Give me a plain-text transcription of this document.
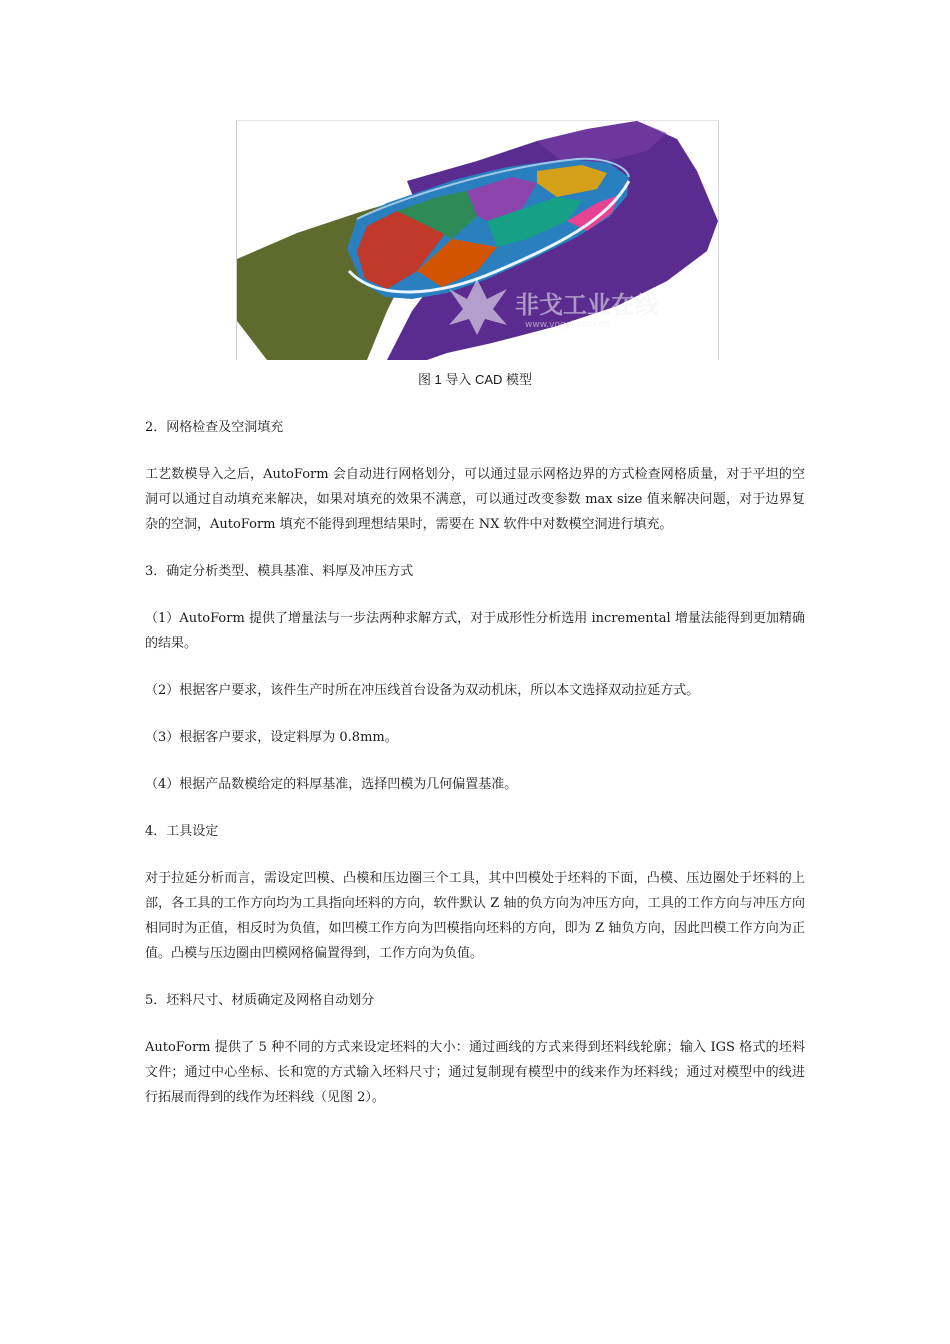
非戈工业在线
www.vogel.com.cn
图 1 导入 CAD 模型

2．网格检查及空洞填充

工艺数模导入之后，AutoForm 会自动进行网格划分，可以通过显示网格边界的方式检查网格质量，对于平坦的空洞可以通过自动填充来解决，如果对填充的效果不满意，可以通过改变参数 max size 值来解决问题，对于边界复杂的空洞，AutoForm 填充不能得到理想结果时，需要在 NX 软件中对数模空洞进行填充。

3．确定分析类型、模具基准、料厚及冲压方式

（1）AutoForm 提供了增量法与一步法两种求解方式，对于成形性分析选用 incremental 增量法能得到更加精确的结果。

（2）根据客户要求，该件生产时所在冲压线首台设备为双动机床，所以本文选择双动拉延方式。

（3）根据客户要求，设定料厚为 0.8mm。

（4）根据产品数模给定的料厚基准，选择凹模为几何偏置基准。

4．工具设定

对于拉延分析而言，需设定凹模、凸模和压边圈三个工具，其中凹模处于坯料的下面，凸模、压边圈处于坯料的上部，各工具的工作方向均为工具指向坯料的方向，软件默认 Z 轴的负方向为冲压方向，工具的工作方向与冲压方向相同时为正值，相反时为负值，如凹模工作方向为凹模指向坯料的方向，即为 Z 轴负方向，因此凹模工作方向为正值。凸模与压边圈由凹模网格偏置得到，工作方向为负值。

5．坯料尺寸、材质确定及网格自动划分

AutoForm 提供了 5 种不同的方式来设定坯料的大小：通过画线的方式来得到坯料线轮廓；输入 IGS 格式的坯料文件；通过中心坐标、长和宽的方式输入坯料尺寸；通过复制现有模型中的线来作为坯料线；通过对模型中的线进行拓展而得到的线作为坯料线（见图 2）。
